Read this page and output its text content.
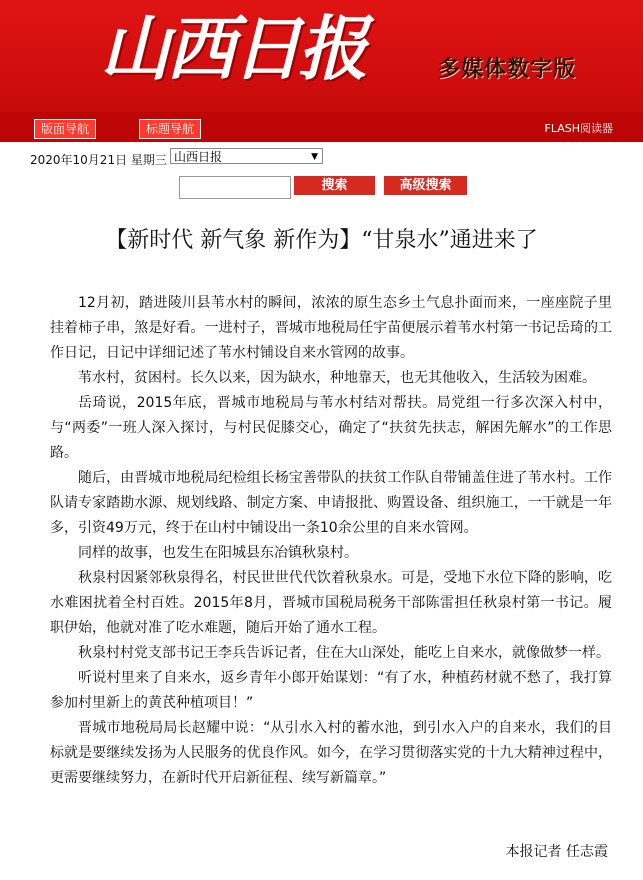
山西日报	多媒体数字版
版面导航	标题导航	FLASH阅读器
2020年10月21日 星期三 山西日报	▼
搜索	高级搜索
【新时代 新气象 新作为】“甘泉水”通进来了

12月初，踏进陵川县苇水村的瞬间，浓浓的原生态乡土气息扑面而来，一座座院子里挂着柿子串，煞是好看。一进村子，晋城市地税局任宇苗便展示着苇水村第一书记岳琦的工作日记，日记中详细记述了苇水村铺设自来水管网的故事。

苇水村，贫困村。长久以来，因为缺水，种地靠天，也无其他收入，生活较为困难。

岳琦说，2015年底，晋城市地税局与苇水村结对帮扶。局党组一行多次深入村中，与“两委”一班人深入探讨，与村民促膝交心，确定了“扶贫先扶志，解困先解水”的工作思路。

随后，由晋城市地税局纪检组长杨宝善带队的扶贫工作队自带铺盖住进了苇水村。工作队请专家踏勘水源、规划线路、制定方案、申请报批、购置设备、组织施工，一干就是一年多，引资49万元，终于在山村中铺设出一条10余公里的自来水管网。

同样的故事，也发生在阳城县东冶镇秋泉村。

秋泉村因紧邻秋泉得名，村民世世代代饮着秋泉水。可是，受地下水位下降的影响，吃水难困扰着全村百姓。2015年8月，晋城市国税局税务干部陈雷担任秋泉村第一书记。履职伊始，他就对准了吃水难题，随后开始了通水工程。

秋泉村村党支部书记王李兵告诉记者，住在大山深处，能吃上自来水，就像做梦一样。

听说村里来了自来水，返乡青年小郎开始谋划：“有了水，种植药材就不愁了，我打算参加村里新上的黄芪种植项目！”

晋城市地税局局长赵耀中说：“从引水入村的蓄水池，到引水入户的自来水，我们的目标就是要继续发扬为人民服务的优良作风。如今，在学习贯彻落实党的十九大精神过程中，更需要继续努力，在新时代开启新征程、续写新篇章。”

本报记者 任志霞
